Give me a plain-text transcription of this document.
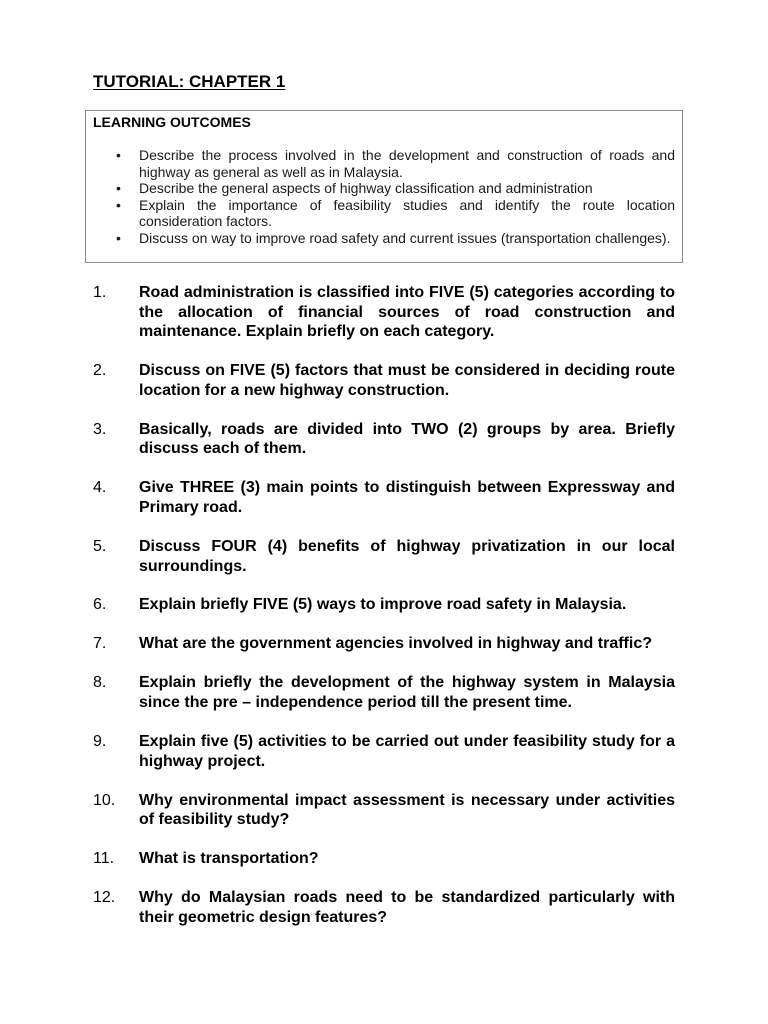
TUTORIAL: CHAPTER 1
LEARNING OUTCOMES
• Describe the process involved in the development and construction of roads and highway as general as well as in Malaysia.
• Describe the general aspects of highway classification and administration
• Explain the importance of feasibility studies and identify the route location consideration factors.
• Discuss on way to improve road safety and current issues (transportation challenges).
1. Road administration is classified into FIVE (5) categories according to the allocation of financial sources of road construction and maintenance. Explain briefly on each category.
2. Discuss on FIVE (5) factors that must be considered in deciding route location for a new highway construction.
3. Basically, roads are divided into TWO (2) groups by area. Briefly discuss each of them.
4. Give THREE (3) main points to distinguish between Expressway and Primary road.
5. Discuss FOUR (4) benefits of highway privatization in our local surroundings.
6. Explain briefly FIVE (5) ways to improve road safety in Malaysia.
7. What are the government agencies involved in highway and traffic?
8. Explain briefly the development of the highway system in Malaysia since the pre – independence period till the present time.
9. Explain five (5) activities to be carried out under feasibility study for a highway project.
10. Why environmental impact assessment is necessary under activities of feasibility study?
11. What is transportation?
12. Why do Malaysian roads need to be standardized particularly with their geometric design features?
